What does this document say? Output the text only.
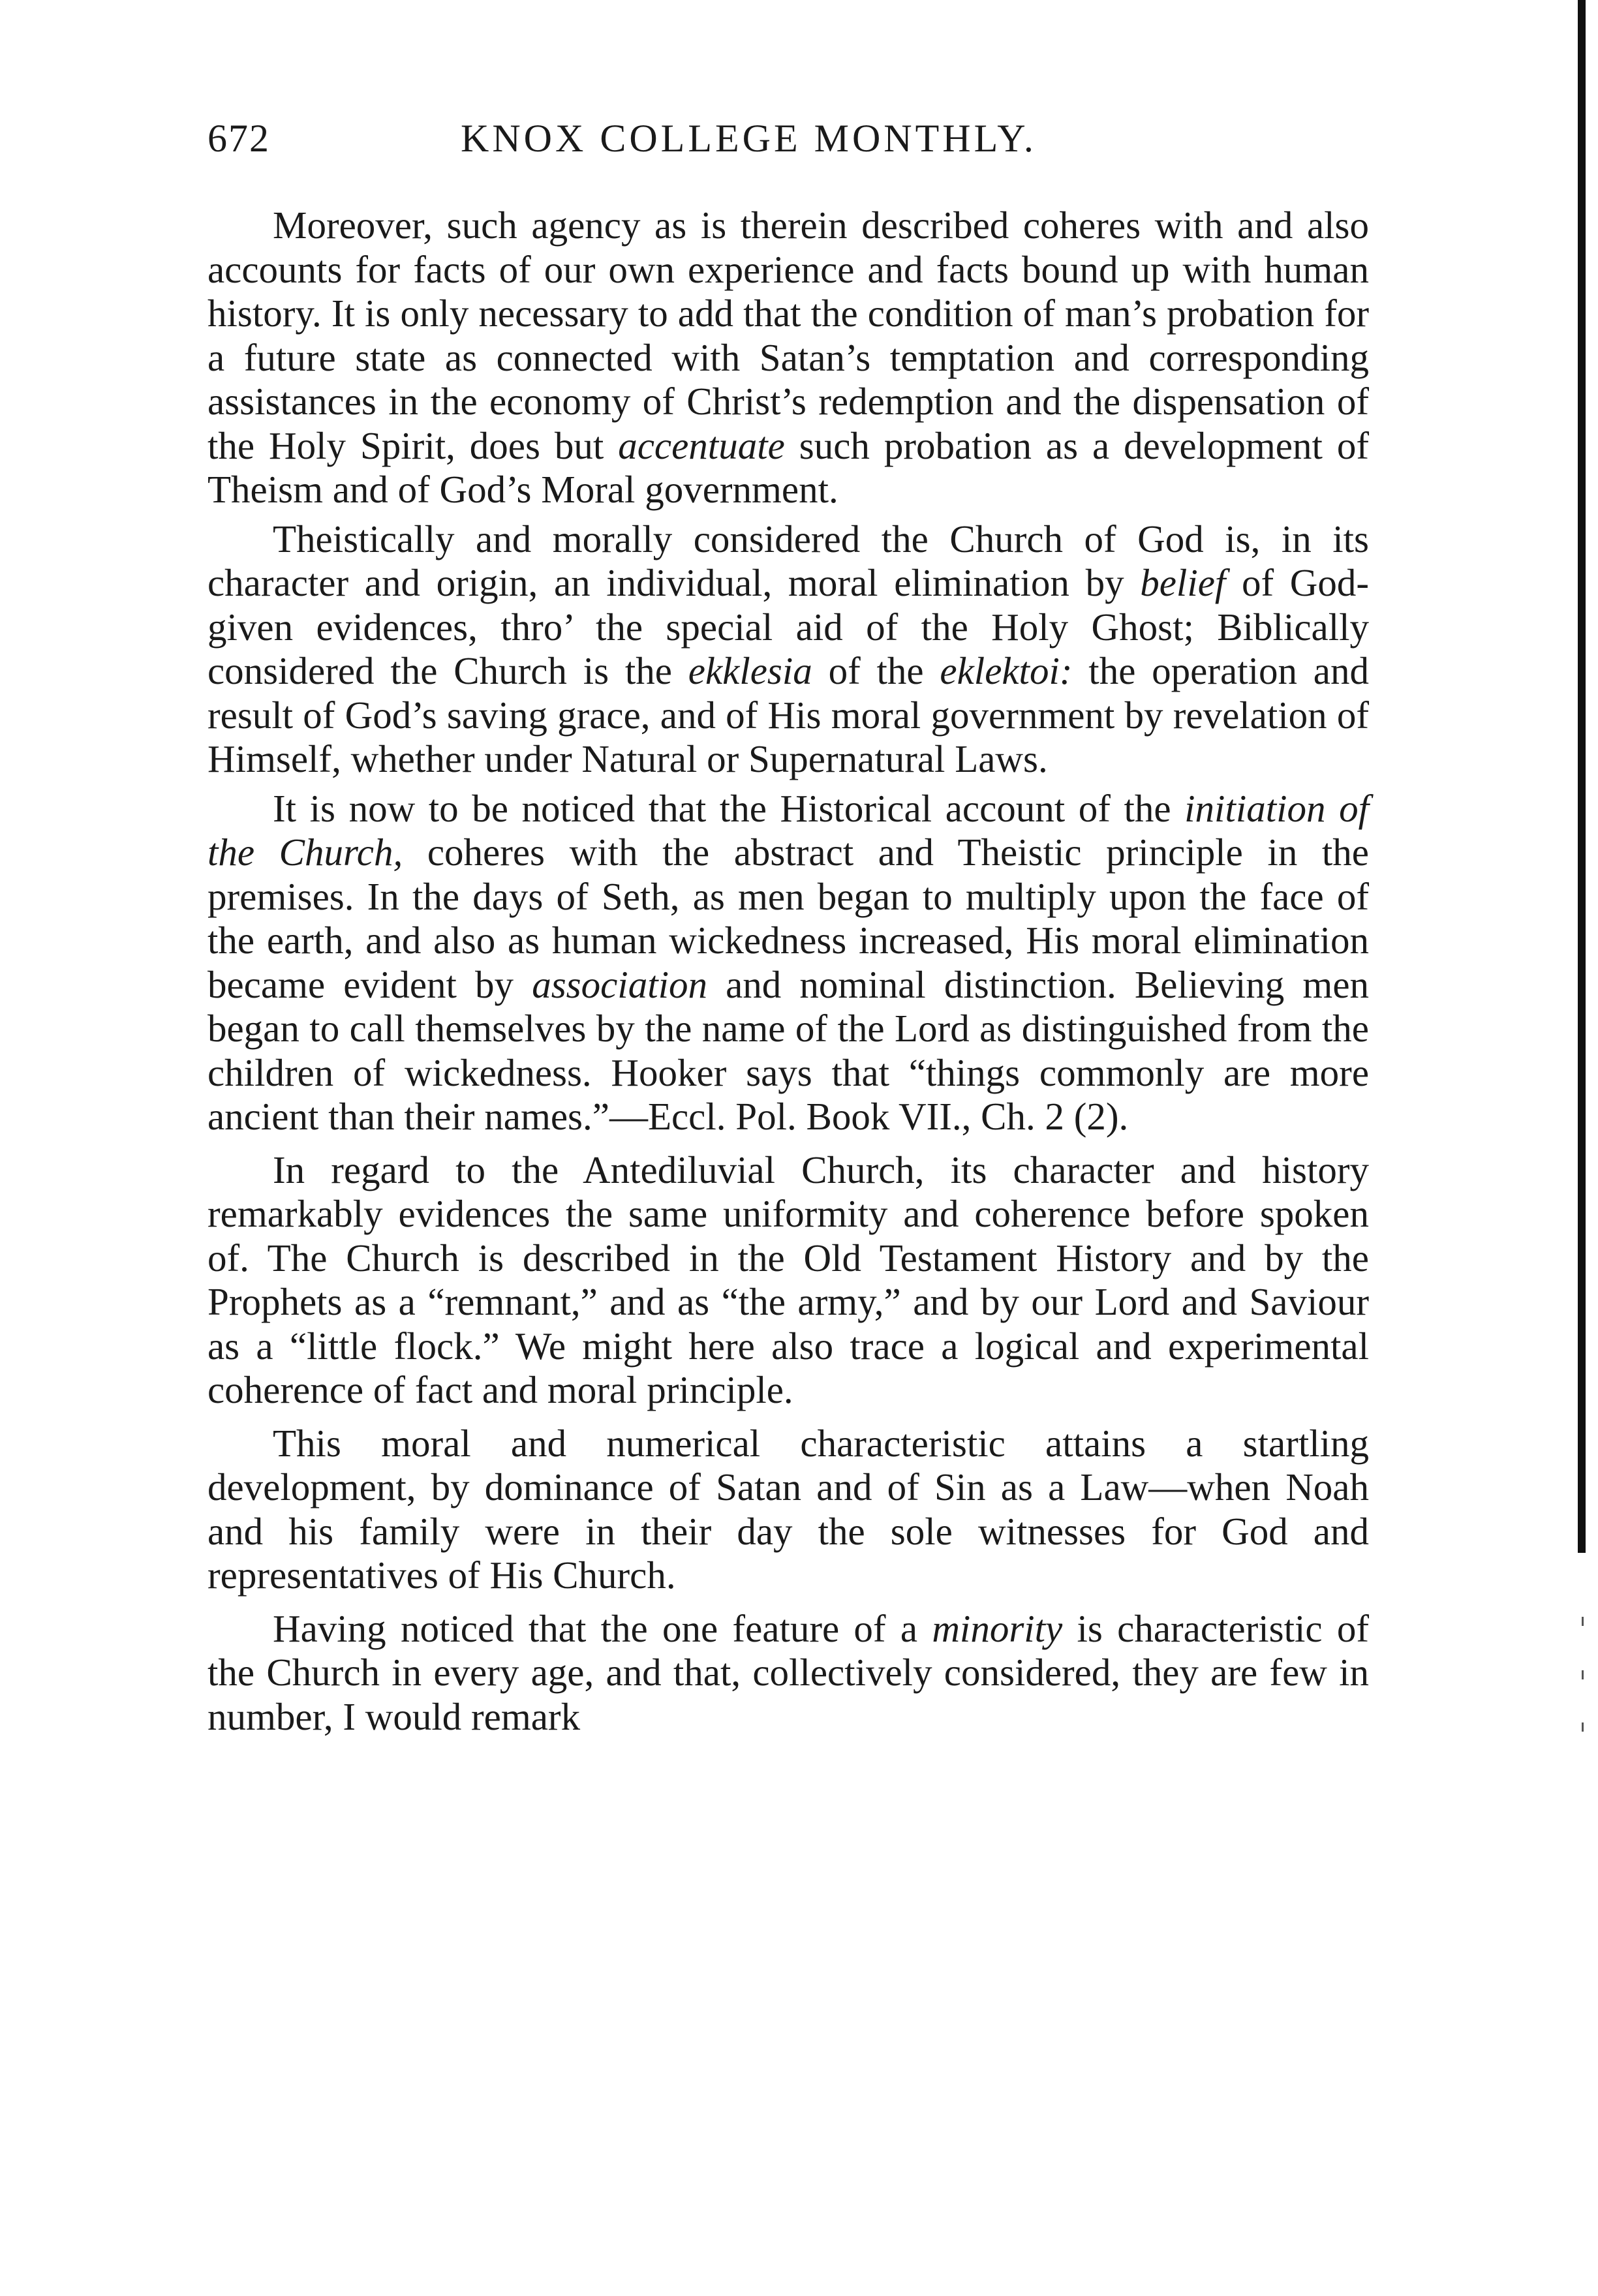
672	KNOX COLLEGE MONTHLY.

Moreover, such agency as is therein described coheres with and also accounts for facts of our own experience and facts bound up with human history. It is only necessary to add that the condition of man’s probation for a future state as connected with Satan’s temptation and corresponding assistances in the economy of Christ’s redemption and the dispensation of the Holy Spirit, does but accentuate such probation as a development of Theism and of God’s Moral government.

Theistically and morally considered the Church of God is, in its character and origin, an individual, moral elimination by belief of God-given evidences, thro’ the special aid of the Holy Ghost; Biblically considered the Church is the ekklesia of the eklektoi: the operation and result of God’s saving grace, and of His moral government by revelation of Himself, whether under Natural or Supernatural Laws.

It is now to be noticed that the Historical account of the initiation of the Church, coheres with the abstract and Theistic principle in the premises. In the days of Seth, as men began to multiply upon the face of the earth, and also as human wickedness increased, His moral elimination became evident by association and nominal distinction. Believing men began to call themselves by the name of the Lord as distinguished from the children of wickedness. Hooker says that “things commonly are more ancient than their names.”—Eccl. Pol. Book VII., Ch. 2 (2).

In regard to the Antediluvial Church, its character and history remarkably evidences the same uniformity and coherence before spoken of. The Church is described in the Old Testament History and by the Prophets as a “remnant,” and as “the army,” and by our Lord and Saviour as a “little flock.” We might here also trace a logical and experimental coherence of fact and moral principle.

This moral and numerical characteristic attains a startling development, by dominance of Satan and of Sin as a Law—when Noah and his family were in their day the sole witnesses for God and representatives of His Church.

Having noticed that the one feature of a minority is characteristic of the Church in every age, and that, collectively considered, they are few in number, I would remark
